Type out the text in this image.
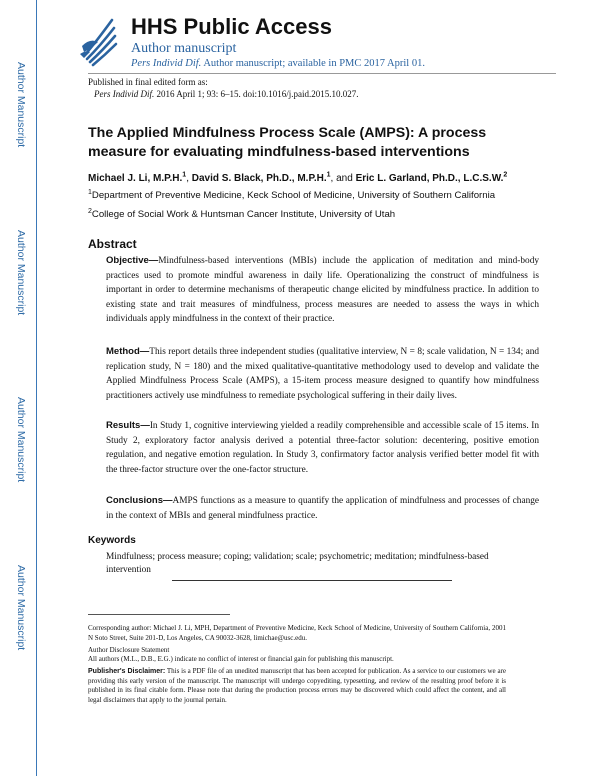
Author Manuscript
Author Manuscript
Author Manuscript
Author Manuscript
HHS Public Access
Author manuscript
Pers Individ Dif. Author manuscript; available in PMC 2017 April 01.
Published in final edited form as:
Pers Individ Dif. 2016 April 1; 93: 6–15. doi:10.1016/j.paid.2015.10.027.
The Applied Mindfulness Process Scale (AMPS): A process measure for evaluating mindfulness-based interventions
Michael J. Li, M.P.H.$^1$, David S. Black, Ph.D., M.P.H.$^1$, and Eric L. Garland, Ph.D., L.C.S.W.$^2$
$^1$Department of Preventive Medicine, Keck School of Medicine, University of Southern California
$^2$College of Social Work & Huntsman Cancer Institute, University of Utah
Abstract
Objective—Mindfulness-based interventions (MBIs) include the application of meditation and mind-body practices used to promote mindful awareness in daily life. Operationalizing the construct of mindfulness is important in order to determine mechanisms of therapeutic change elicited by mindfulness practice. In addition to existing state and trait measures of mindfulness, process measures are needed to assess the ways in which individuals apply mindfulness in the context of their practice.
Method—This report details three independent studies (qualitative interview, N = 8; scale validation, N = 134; and replication study, N = 180) and the mixed qualitative-quantitative methodology used to develop and validate the Applied Mindfulness Process Scale (AMPS), a 15-item process measure designed to quantify how mindfulness practitioners actively use mindfulness to remediate psychological suffering in their daily lives.
Results—In Study 1, cognitive interviewing yielded a readily comprehensible and accessible scale of 15 items. In Study 2, exploratory factor analysis derived a potential three-factor solution: decentering, positive emotion regulation, and negative emotion regulation. In Study 3, confirmatory factor analysis verified better model fit with the three-factor structure over the one-factor structure.
Conclusions—AMPS functions as a measure to quantify the application of mindfulness and processes of change in the context of MBIs and general mindfulness practice.
Keywords
Mindfulness; process measure; coping; validation; scale; psychometric; meditation; mindfulness-based intervention
Corresponding author: Michael J. Li, MPH, Department of Preventive Medicine, Keck School of Medicine, University of Southern California, 2001 N Soto Street, Suite 201-D, Los Angeles, CA 90032-3628, limichae@usc.edu.
Author Disclosure Statement
All authors (M.L., D.B., E.G.) indicate no conflict of interest or financial gain for publishing this manuscript.
Publisher's Disclaimer: This is a PDF file of an unedited manuscript that has been accepted for publication. As a service to our customers we are providing this early version of the manuscript. The manuscript will undergo copyediting, typesetting, and review of the resulting proof before it is published in its final citable form. Please note that during the production process errors may be discovered which could affect the content, and all legal disclaimers that apply to the journal pertain.
